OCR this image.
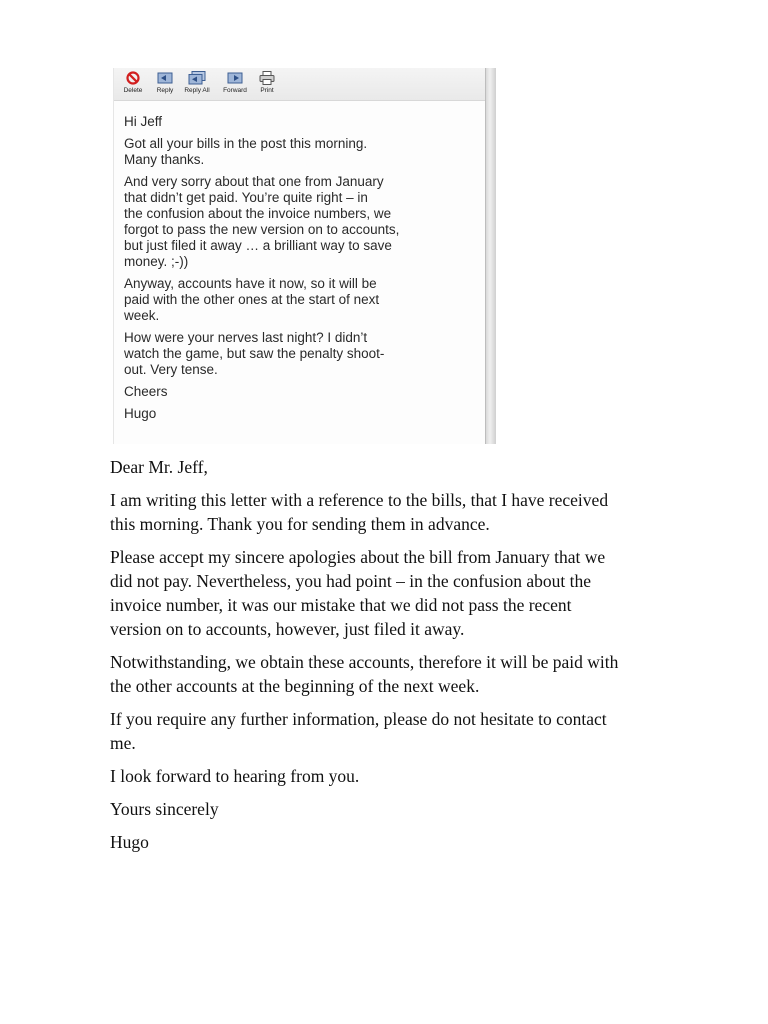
Delete Reply Reply All Forward Print

Hi Jeff

Got all your bills in the post this morning.
Many thanks.

And very sorry about that one from January
that didn’t get paid. You’re quite right – in
the confusion about the invoice numbers, we
forgot to pass the new version on to accounts,
but just filed it away … a brilliant way to save
money. ;-))

Anyway, accounts have it now, so it will be
paid with the other ones at the start of next
week.

How were your nerves last night? I didn’t
watch the game, but saw the penalty shoot-
out. Very tense.

Cheers

Hugo

Dear Mr. Jeff,

I am writing this letter with a reference to the bills, that I have received
this morning. Thank you for sending them in advance.

Please accept my sincere apologies about the bill from January that we
did not pay. Nevertheless, you had point – in the confusion about the
invoice number, it was our mistake that we did not pass the recent
version on to accounts, however, just filed it away.

Notwithstanding, we obtain these accounts, therefore it will be paid with
the other accounts at the beginning of the next week.

If you require any further information, please do not hesitate to contact
me.

I look forward to hearing from you.

Yours sincerely

Hugo
